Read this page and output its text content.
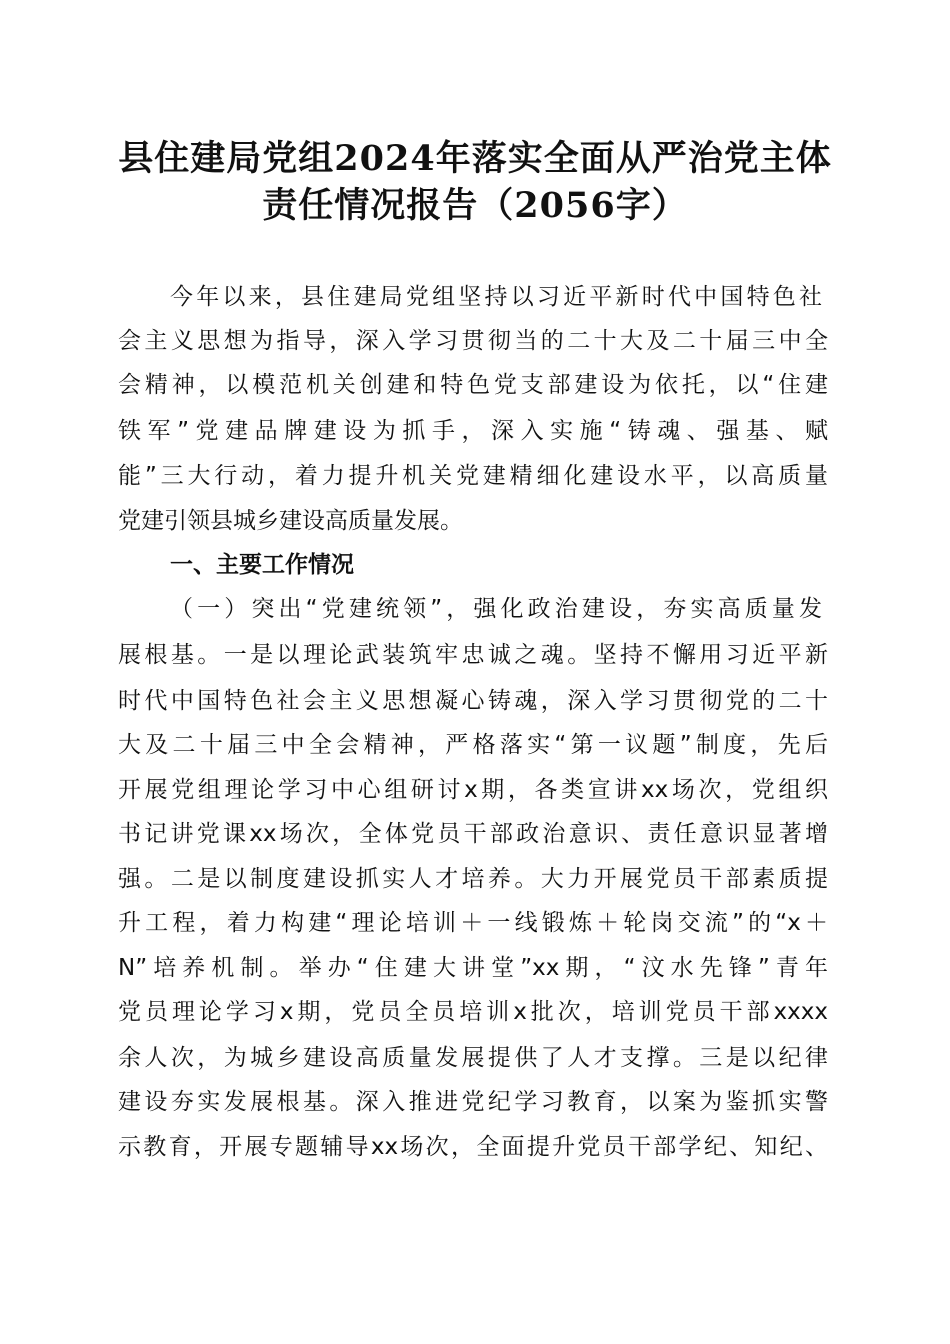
县住建局党组2024年落实全面从严治党主体
责任情况报告（2056字）

今年以来，县住建局党组坚持以习近平新时代中国特色社

会主义思想为指导，深入学习贯彻当的二十大及二十届三中全

会精神，以模范机关创建和特色党支部建设为依托，以“住建

铁军”党建品牌建设为抓手，深入实施“铸魂、强基、赋

能”三大行动，着力提升机关党建精细化建设水平，以高质量

党建引领县城乡建设高质量发展。

一、主要工作情况

（一）突出“党建统领”，强化政治建设，夯实高质量发

展根基。一是以理论武装筑牢忠诚之魂。坚持不懈用习近平新

时代中国特色社会主义思想凝心铸魂，深入学习贯彻党的二十

大及二十届三中全会精神，严格落实“第一议题”制度，先后

开展党组理论学习中心组研讨x期，各类宣讲xx场次，党组织

书记讲党课xx场次，全体党员干部政治意识、责任意识显著增

强。二是以制度建设抓实人才培养。大力开展党员干部素质提

升工程，着力构建“理论培训＋一线锻炼＋轮岗交流”的“x＋

N”培养机制。举办“住建大讲堂”xx期，“汶水先锋”青年

党员理论学习x期，党员全员培训x批次，培训党员干部xxxx

余人次，为城乡建设高质量发展提供了人才支撑。三是以纪律

建设夯实发展根基。深入推进党纪学习教育，以案为鉴抓实警

示教育，开展专题辅导xx场次，全面提升党员干部学纪、知纪、
